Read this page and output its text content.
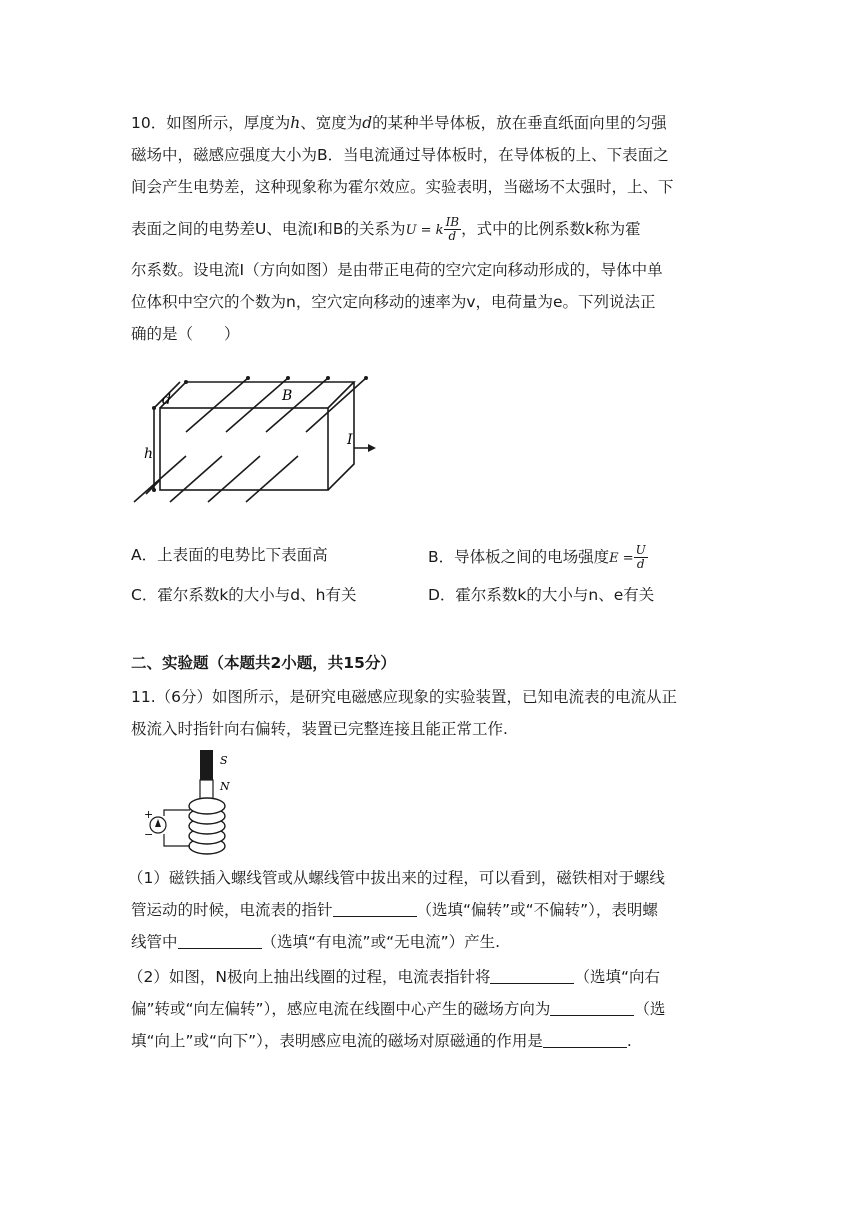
10．如图所示，厚度为h、宽度为d的某种半导体板，放在垂直纸面向里的匀强
磁场中，磁感应强度大小为B．当电流通过导体板时，在导体板的上、下表面之
间会产生电势差，这种现象称为霍尔效应。实验表明，当磁场不太强时，上、下
表面之间的电势差U、电流I和B的关系为U = k $\frac{IB}{d}$ ，式中的比例系数k称为霍
尔系数。设电流I（方向如图）是由带正电荷的空穴定向移动形成的，导体中单
位体积中空穴的个数为n，空穴定向移动的速率为v，电荷量为e。下列说法正
确的是（　　）
d
h
B
I
A．上表面的电势比下表面高	B．导体板之间的电场强度$E = \frac{U}{d}$
C．霍尔系数k的大小与d、h有关	D．霍尔系数k的大小与n、e有关
二、实验题（本题共2小题，共15分）
11.（6分）如图所示，是研究电磁感应现象的实验装置，已知电流表的电流从正
极流入时指针向右偏转，装置已完整连接且能正常工作.
S
N
+
−
（1）磁铁插入螺线管或从螺线管中拔出来的过程，可以看到，磁铁相对于螺线
管运动的时候，电流表的指针	（选填“偏转”或“不偏转”），表明螺
线管中	（选填“有电流”或“无电流”）产生.
（2）如图，N极向上抽出线圈的过程，电流表指针将	（选填“向右
偏”转或“向左偏转”），感应电流在线圈中心产生的磁场方向为	（选
填“向上”或“向下”），表明感应电流的磁场对原磁通的作用是	.
